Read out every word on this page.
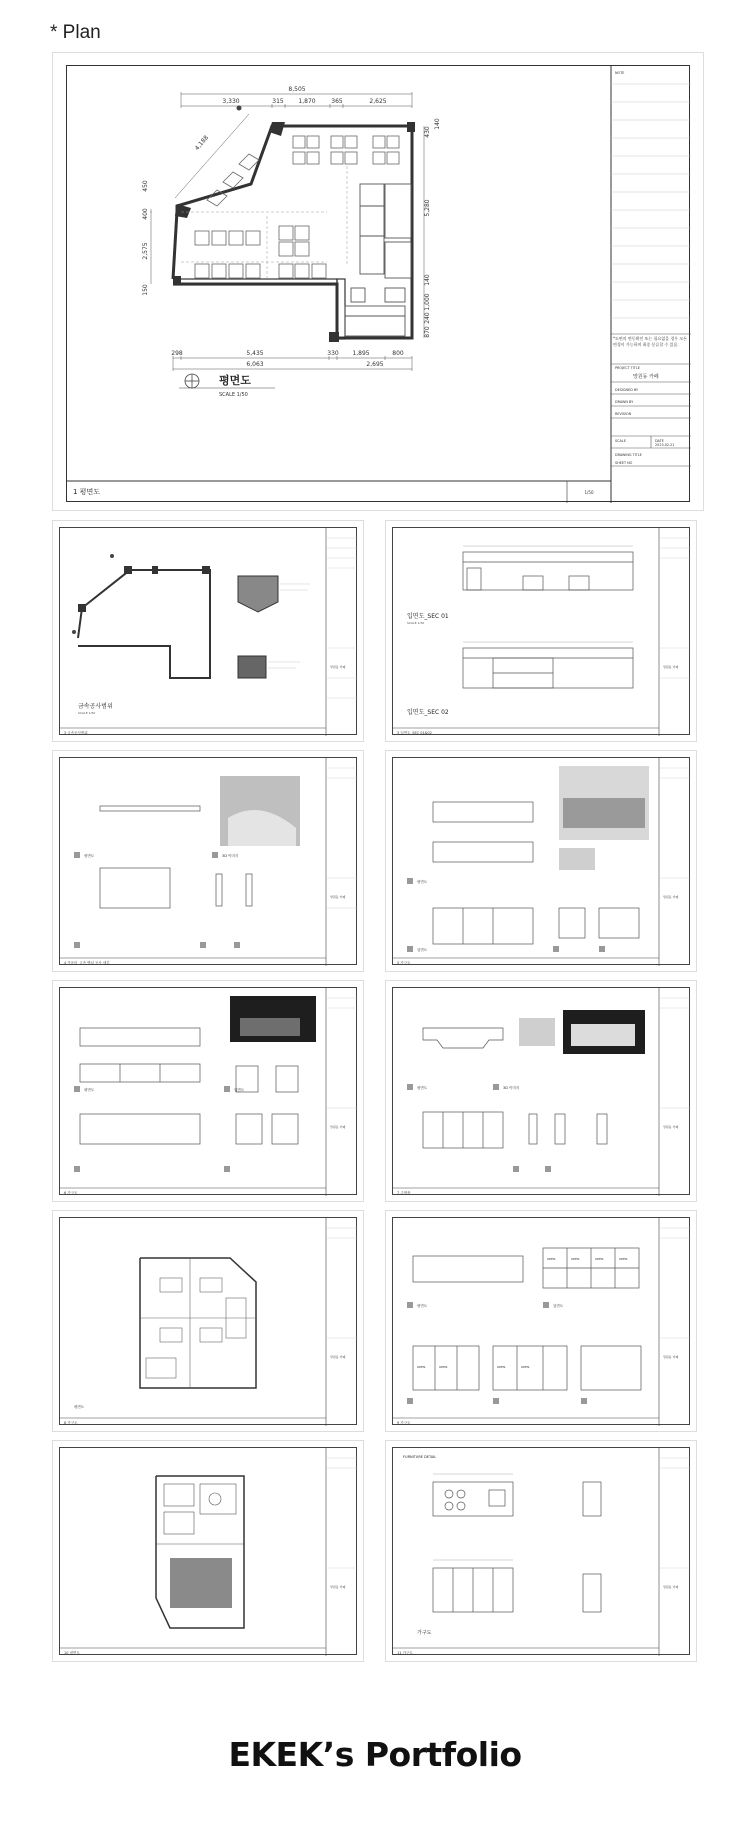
* Plan
8,505
3,330	315 1,870	365	2,625
298	5,435	330 1,895	800
6,063	2,695
450
400
2,575
150
4,188
430
140
5,280
140
1,000
240
870
평면도
SCALE 1/50
1 평면도	1/50
NOTE
*도면의 변동확인 또는 필요없을 경우 모든 변경이 가능하며 최종 분류할 수 있음.
PROJECT TITLE
망원동 카페
DESIGNED BY
DRAWN BY
REVISION
SCALE	DATE
2023.02.21
DRAWING TITLE
SHEET NO
금속공사범위
SCALE 1/50
3 금속공사범위
망원동 카페
입면도_SEC 01
SCALE 1/30
입면도_SEC 02
3 입면도_SEC 01&02
망원동 카페
평면도	3D 이미지
4 카운터_금속 벤치 공사 세부
망원동 카페
평면도
입면도
5 가구도
망원동 카페
평면도	입면도
6 가구도
망원동 카페
평면도	3D 이미지
7 주방장
망원동 카페
평면도
8 가구도
망원동 카페
OPEN	OPEN	OPEN	OPEN
OPEN	OPEN	OPEN	OPEN
평면도	입면도
9 가구도
망원동 카페
10 평면도
망원동 카페
FURNITURE DETAIL
가구도
11 가구도
망원동 카페
EKEK’s Portfolio
